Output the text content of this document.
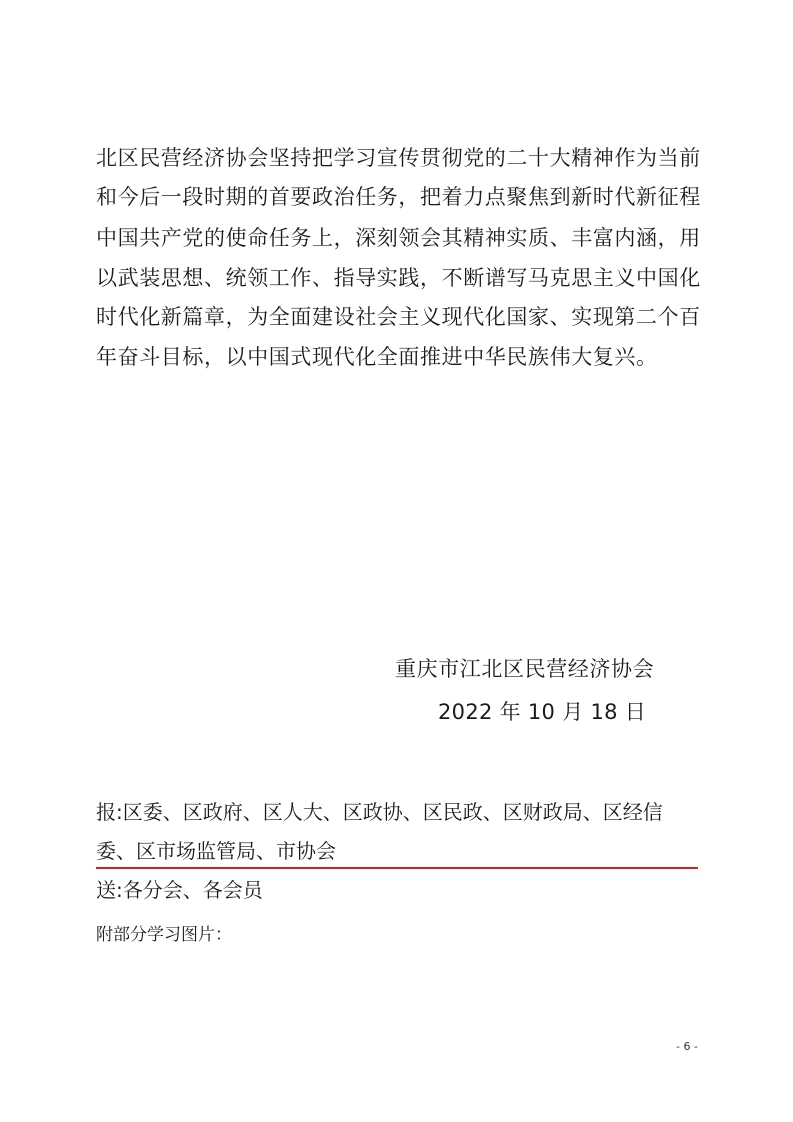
北区民营经济协会坚持把学习宣传贯彻党的二十大精神作为当前
和今后一段时期的首要政治任务，把着力点聚焦到新时代新征程
中国共产党的使命任务上，深刻领会其精神实质、丰富内涵，用
以武装思想、统领工作、指导实践，不断谱写马克思主义中国化
时代化新篇章，为全面建设社会主义现代化国家、实现第二个百
年奋斗目标，以中国式现代化全面推进中华民族伟大复兴。
重庆市江北区民营经济协会
2022 年 10 月 18 日
报:区委、区政府、区人大、区政协、区民政、区财政局、区经信
委、区市场监管局、市协会
送:各分会、各会员
附部分学习图片：
- 6 -
